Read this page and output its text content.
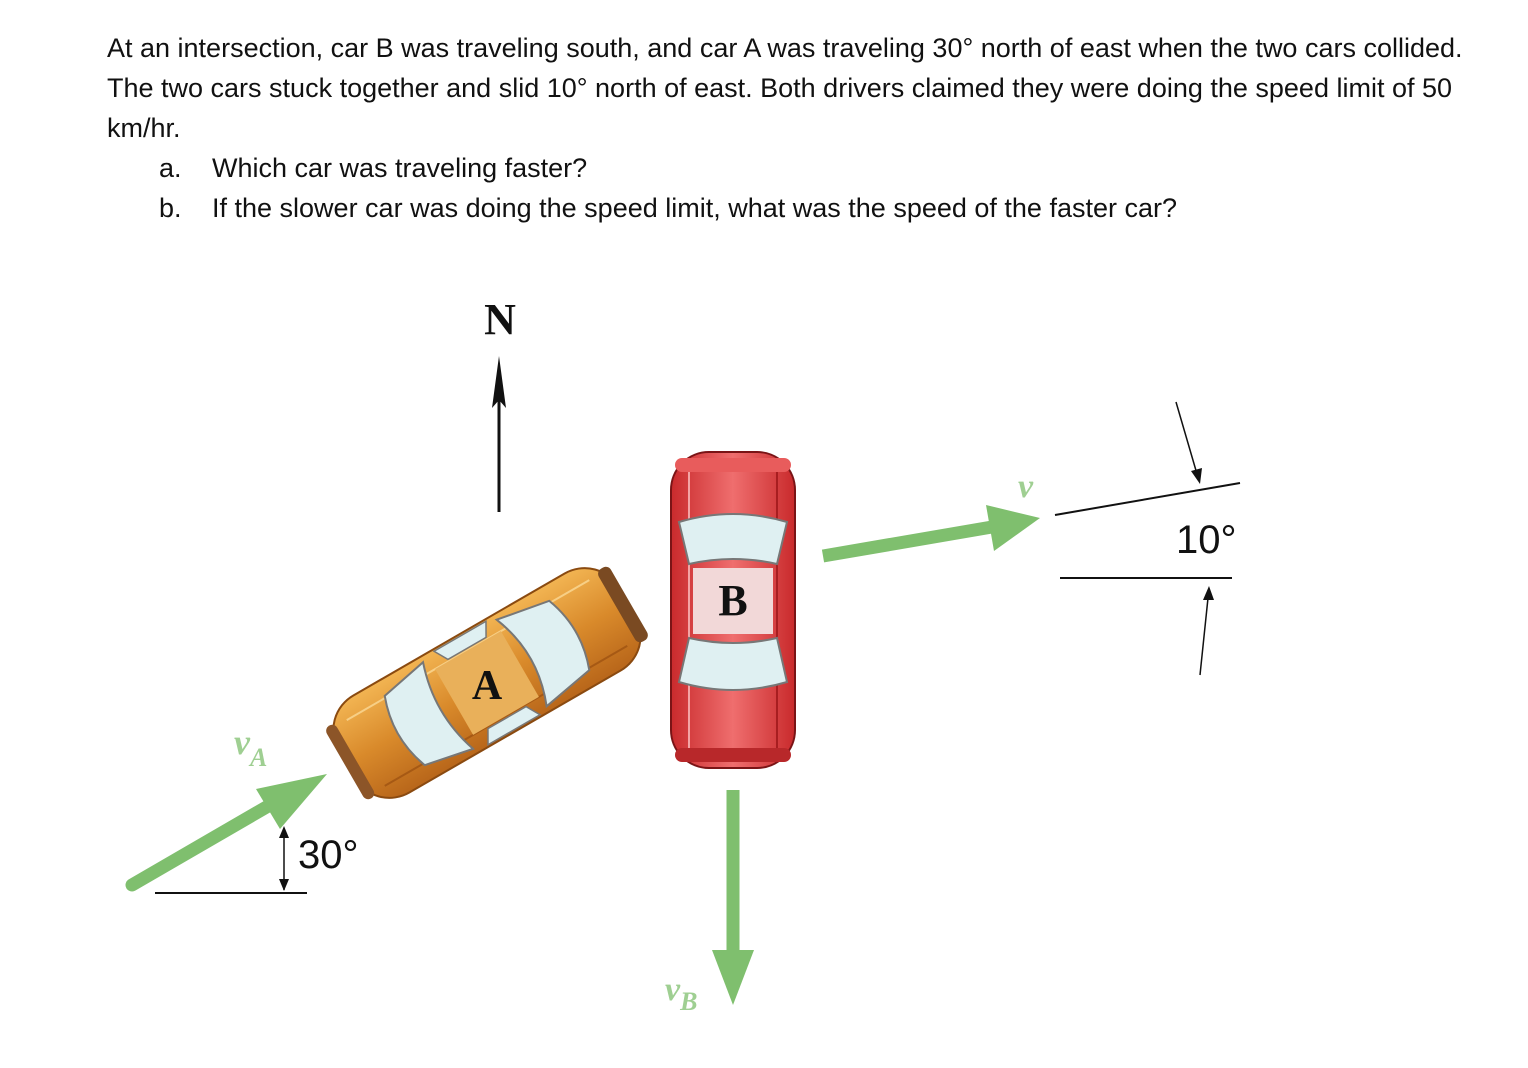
At an intersection, car B was traveling south, and car A was traveling 30° north of east when the two cars collided. The two cars stuck together and slid 10° north of east. Both drivers claimed they were doing the speed limit of 50 km/hr.

a. Which car was traveling faster?
b. If the slower car was doing the speed limit, what was the speed of the faster car?
N
A
B
$v_A$
30°
$v_B$
v
10°
